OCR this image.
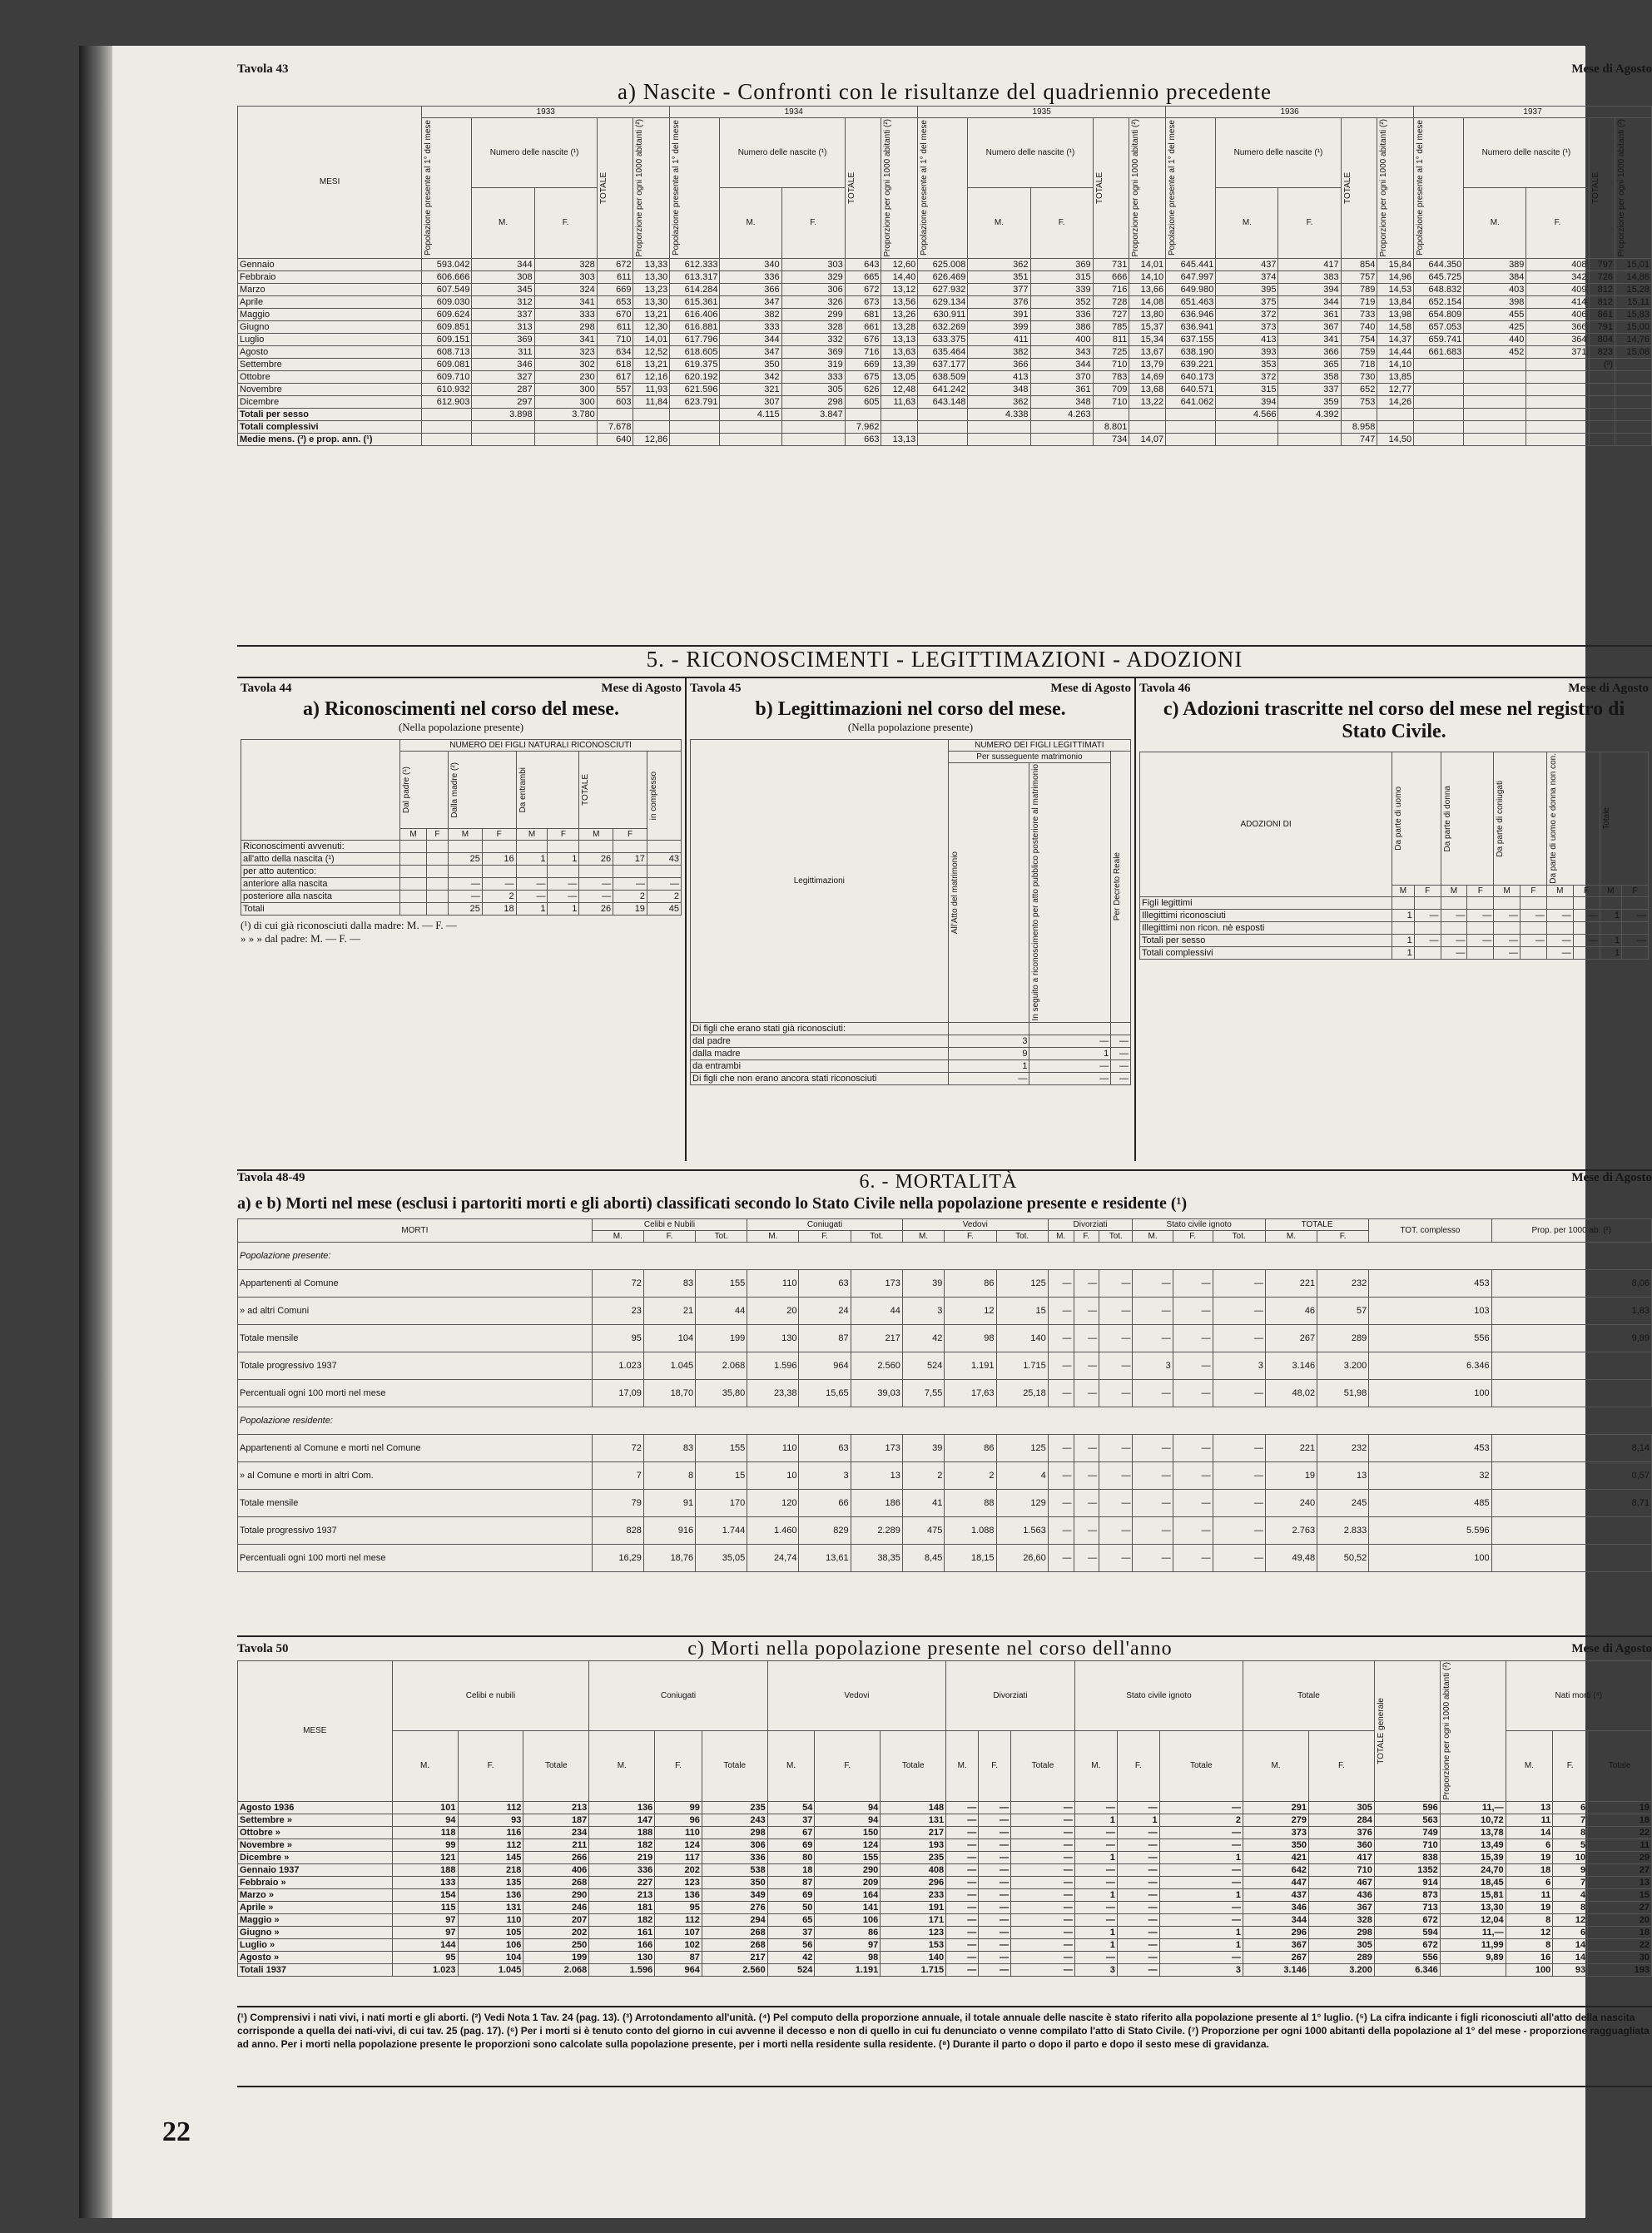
Tavola 43	Mese di Agosto
a) Nascite - Confronti con le risultanze del quadriennio precedente
MESI	1933					1934					1935					1936					1937				

	Popolazione presente al 1° del mese	Numero delle nascite (¹)		TOTALE	Proporzione per ogni 1000 abitanti (²)	Popolazione presente al 1° del mese	Numero delle nascite (¹)		TOTALE	Proporzione per ogni 1000 abitanti (²)	Popolazione presente al 1° del mese	Numero delle nascite (¹)		TOTALE	Proporzione per ogni 1000 abitanti (²)	Popolazione presente al 1° del mese	Numero delle nascite (¹)		TOTALE	Proporzione per ogni 1000 abitanti (²)	Popolazione presente al 1° del mese	Numero delle nascite (¹)		TOTALE	Proporzione per ogni 1000 abitanti (²)

		M.	F.				M.	F.				M.	F.				M.	F.				M.	F.		
Gennaio	593.042	344	328	672	13,33	612.333	340	303	643	12,60	625.008	362	369	731	14,01	645.441	437	417	854	15,84	644.350	389	408	797	15,01
Febbraio	606.666	308	303	611	13,30	613.317	336	329	665	14,40	626.469	351	315	666	14,10	647.997	374	383	757	14,96	645.725	384	342	726	14,86
Marzo	607.549	345	324	669	13,23	614.284	366	306	672	13,12	627.932	377	339	716	13,66	649.980	395	394	789	14,53	648.832	403	409	812	15,28
Aprile	609.030	312	341	653	13,30	615.361	347	326	673	13,56	629.134	376	352	728	14,08	651.463	375	344	719	13,84	652.154	398	414	812	15,11
Maggio	609.624	337	333	670	13,21	616.406	382	299	681	13,26	630.911	391	336	727	13,80	636.946	372	361	733	13,98	654.809	455	406	861	15,83
Giugno	609.851	313	298	611	12,30	616.881	333	328	661	13,28	632.269	399	386	785	15,37	636.941	373	367	740	14,58	657.053	425	366	791	15,00
Luglio	609.151	369	341	710	14,01	617.796	344	332	676	13,13	633.375	411	400	811	15,34	637.155	413	341	754	14,37	659.741	440	364	804	14,76
Agosto	608.713	311	323	634	12,52	618.605	347	369	716	13,63	635.464	382	343	725	13,67	638.190	393	366	759	14,44	661.683	452	371	823	15,08
Settembre	609.081	346	302	618	13,21	619.375	350	319	669	13,39	637.177	366	344	710	13,79	639.221	353	365	718	14,10				(³)	
Ottobre	609.710	327	230	617	12,16	620.192	342	333	675	13,05	638.509	413	370	783	14,69	640.173	372	358	730	13,85					
Novembre	610.932	287	300	557	11,93	621.596	321	305	626	12,48	641.242	348	361	709	13,68	640.571	315	337	652	12,77					
Dicembre	612.903	297	300	603	11,84	623.791	307	298	605	11,63	643.148	362	348	710	13,22	641.062	394	359	753	14,26					
Totali per sesso		3.898	3.780				4.115	3.847				4.338	4.263				4.566	4.392							
Totali complessivi				7.678					7.962					8.801					8.958						
Medie mens. (³) e prop. ann. (¹)				640	12,86				663	13,13				734	14,07				747	14,50					
5. - RICONOSCIMENTI - LEGITTIMAZIONI - ADOZIONI
Tavola 44	Mese di Agosto
a) Riconoscimenti nel corso del mese.
(Nella popolazione presente)
	NUMERO DEI FIGLI NATURALI RICONOSCIUTI								

	Dal padre (¹)		Dalla madre (²)		Da entrambi		TOTALE		in complesso

	M	F	M	F	M	F	M	F	
Riconoscimenti avvenuti:									
all'atto della nascita (¹)			25	16	1	1	26	17	43
per atto autentico:									
anteriore alla nascita			—	—	—	—	—	—	—
posteriore alla nascita			—	2	—	—	—	2	2
Totali			25	18	1	1	26	19	45
(¹) di cui già riconosciuti dalla madre: M. — F. —
» » » dal padre: M. — F. —
Tavola 45	Mese di Agosto
b) Legittimazioni nel corso del mese.
(Nella popolazione presente)
Legittimazioni	NUMERO DEI FIGLI LEGITTIMATI		
	Per susseguente matrimonio		Per Decreto Reale

	All'Atto del matrimonio	In seguito a riconoscimento per atto pubblico posteriore al matrimonio	

Di figli che erano stati già riconosciuti:			
dal padre	3	—	—
dalla madre	9	1	—
da entrambi	1	—	—
Di figli che non erano ancora stati riconosciuti	—	—	—
Tavola 46	Mese di Agosto
c) Adozioni trascritte nel corso del mese nel registro di Stato Civile.
ADOZIONI DI	Da parte di uomo		Da parte di donna		Da parte di coniugati		Da parte di uomo e donna non con.		Totale	

	M	F	M	F	M	F	M	F	M	F
Figli legittimi										
Illegittimi riconosciuti	1	—	—	—	—	—	—	—	1	—
Illegittimi non ricon. nè esposti										
Totali per sesso	1	—	—	—	—	—	—	—	1	—
Totali complessivi	1		—		—		—		1	
Tavola 48-49	6. - MORTALITÀ	Mese di Agosto
a) e b) Morti nel mese (esclusi i partoriti morti e gli aborti) classificati secondo lo Stato Civile nella popolazione presente e residente (¹)
MORTI	Celibi e Nubili			Coniugati			Vedovi			Divorziati			Stato civile ignoto			TOTALE		TOT. complesso	Prop. per 1000 ab. (²)
	M.	F.	Tot.	M.	F.	Tot.	M.	F.	Tot.	M.	F.	Tot.	M.	F.	Tot.	M.	F.		
Popolazione presente:																			
Appartenenti al Comune	72	83	155	110	63	173	39	86	125	—	—	—	—	—	—	221	232	453	8,06
» ad altri Comuni	23	21	44	20	24	44	3	12	15	—	—	—	—	—	—	46	57	103	1,83
Totale mensile	95	104	199	130	87	217	42	98	140	—	—	—	—	—	—	267	289	556	9,89
Totale progressivo 1937	1.023	1.045	2.068	1.596	964	2.560	524	1.191	1.715	—	—	—	3	—	3	3.146	3.200	6.346	
Percentuali ogni 100 morti nel mese	17,09	18,70	35,80	23,38	15,65	39,03	7,55	17,63	25,18	—	—	—	—	—	—	48,02	51,98	100	
Popolazione residente:																			
Appartenenti al Comune e morti nel Comune	72	83	155	110	63	173	39	86	125	—	—	—	—	—	—	221	232	453	8,14
» al Comune e morti in altri Com.	7	8	15	10	3	13	2	2	4	—	—	—	—	—	—	19	13	32	0,57
Totale mensile	79	91	170	120	66	186	41	88	129	—	—	—	—	—	—	240	245	485	8,71
Totale progressivo 1937	828	916	1.744	1.460	829	2.289	475	1.088	1.563	—	—	—	—	—	—	2.763	2.833	5.596	
Percentuali ogni 100 morti nel mese	16,29	18,76	35,05	24,74	13,61	38,35	8,45	18,15	26,60	—	—	—	—	—	—	49,48	50,52	100	
Tavola 50	c) Morti nella popolazione presente nel corso dell'anno	Mese di Agosto
MESE	Celibi e nubili			Coniugati			Vedovi			Divorziati			Stato civile ignoto			Totale		TOTALE generale	Proporzione per ogni 1000 abitanti (²)	Nati morti (⁴)		
	M.	F.	Totale	M.	F.	Totale	M.	F.	Totale	M.	F.	Totale	M.	F.	Totale	M.	F.			M.	F.	Totale
Agosto 1936	101	112	213	136	99	235	54	94	148	—	—	—	—	—	—	291	305	596	11,—	13	6	19
Settembre »	94	93	187	147	96	243	37	94	131	—	—	—	1	1	2	279	284	563	10,72	11	7	18
Ottobre »	118	116	234	188	110	298	67	150	217	—	—	—	—	—	—	373	376	749	13,78	14	8	22
Novembre »	99	112	211	182	124	306	69	124	193	—	—	—	—	—	—	350	360	710	13,49	6	5	11
Dicembre »	121	145	266	219	117	336	80	155	235	—	—	—	1	—	1	421	417	838	15,39	19	10	29
Gennaio 1937	188	218	406	336	202	538	18	290	408	—	—	—	—	—	—	642	710	1352	24,70	18	9	27
Febbraio »	133	135	268	227	123	350	87	209	296	—	—	—	—	—	—	447	467	914	18,45	6	7	13
Marzo »	154	136	290	213	136	349	69	164	233	—	—	—	1	—	1	437	436	873	15,81	11	4	15
Aprile »	115	131	246	181	95	276	50	141	191	—	—	—	—	—	—	346	367	713	13,30	19	8	27
Maggio »	97	110	207	182	112	294	65	106	171	—	—	—	—	—	—	344	328	672	12,04	8	12	20
Giugno »	97	105	202	161	107	268	37	86	123	—	—	—	1	—	1	296	298	594	11,—	12	6	18
Luglio »	144	106	250	166	102	268	56	97	153	—	—	—	1	—	1	367	305	672	11,99	8	14	22
Agosto »	95	104	199	130	87	217	42	98	140	—	—	—	—	—	—	267	289	556	9,89	16	14	30
Totali 1937	1.023	1.045	2.068	1.596	964	2.560	524	1.191	1.715	—	—	—	3	—	3	3.146	3.200	6.346		100	93	193
(¹) Comprensivi i nati vivi, i nati morti e gli aborti. (²) Vedi Nota 1 Tav. 24 (pag. 13). (³) Arrotondamento all'unità. (⁴) Pel computo della proporzione annuale, il totale annuale delle nascite è stato riferito alla popolazione presente al 1° luglio. (⁵) La cifra indicante i figli riconosciuti all'atto della nascita corrisponde a quella dei nati-vivi, di cui tav. 25 (pag. 17). (⁶) Per i morti si è tenuto conto del giorno in cui avvenne il decesso e non di quello in cui fu denunciato o venne compilato l'atto di Stato Civile. (⁷) Proporzione per ogni 1000 abitanti della popolazione al 1° del mese - proporzione ragguagliata ad anno. Per i morti nella popolazione presente le proporzioni sono calcolate sulla popolazione presente, per i morti nella residente sulla residente. (⁸) Durante il parto o dopo il parto e dopo il sesto mese di gravidanza.
22
